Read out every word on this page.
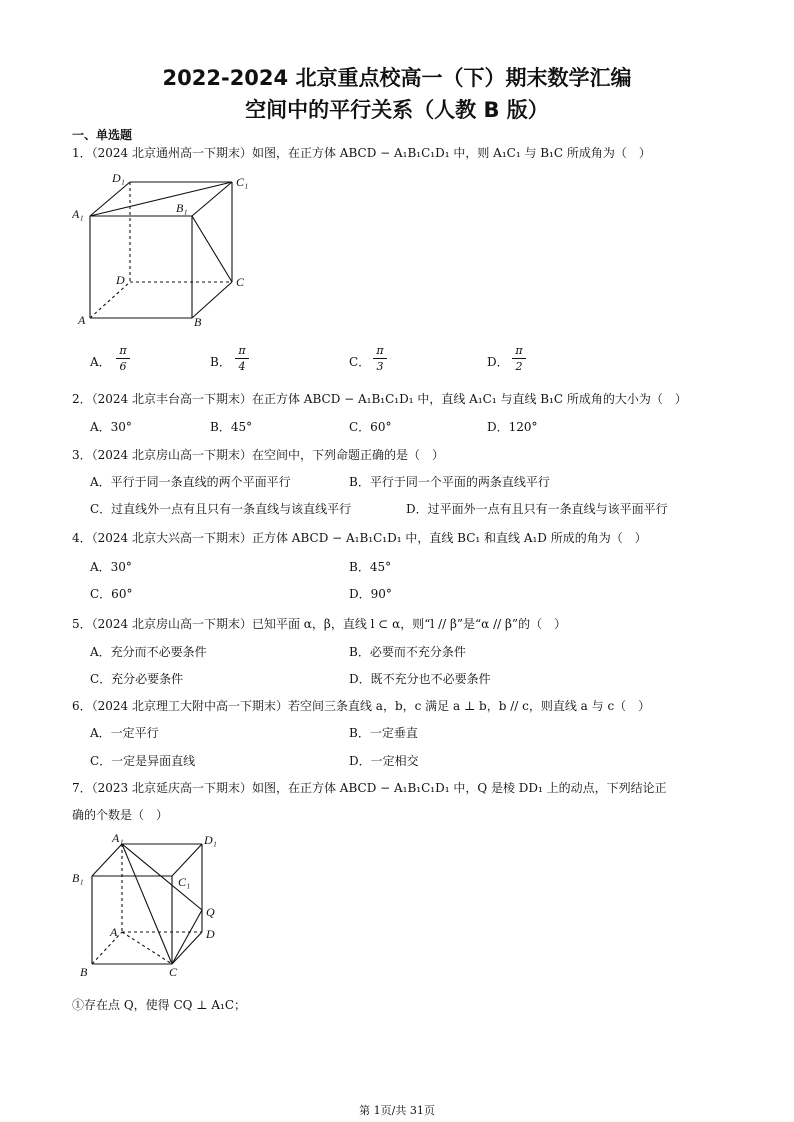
2022-2024 北京重点校高一（下）期末数学汇编
空间中的平行关系（人教 B 版）
一、单选题
1．（2024 北京通州高一下期末）如图，在正方体 ABCD − A₁B₁C₁D₁ 中，则 A₁C₁ 与 B₁C 所成角为（　）
D₁	C₁
A₁	B₁
D	C
A	B
A． $\frac{\pi}{6}$	B． $\frac{\pi}{4}$	C． $\frac{\pi}{3}$	D． $\frac{\pi}{2}$
2．（2024 北京丰台高一下期末）在正方体 ABCD − A₁B₁C₁D₁ 中，直线 A₁C₁ 与直线 B₁C 所成角的大小为（　）
A．30°	B．45°	C．60°	D．120°
3．（2024 北京房山高一下期末）在空间中，下列命题正确的是（　）
A．平行于同一条直线的两个平面平行	B．平行于同一个平面的两条直线平行
C．过直线外一点有且只有一条直线与该直线平行	D．过平面外一点有且只有一条直线与该平面平行
4．（2024 北京大兴高一下期末）正方体 ABCD − A₁B₁C₁D₁ 中，直线 BC₁ 和直线 A₁D 所成的角为（　）
A．30°	B．45°
C．60°	D．90°
5．（2024 北京房山高一下期末）已知平面 α，β，直线 l ⊂ α，则“l // β”是“α // β”的（　）
A．充分而不必要条件	B．必要而不充分条件
C．充分必要条件	D．既不充分也不必要条件
6．（2024 北京理工大附中高一下期末）若空间三条直线 a，b，c 满足 a ⊥ b，b // c，则直线 a 与 c（　）
A．一定平行	B．一定垂直
C．一定是异面直线	D．一定相交
7．（2023 北京延庆高一下期末）如图，在正方体 ABCD − A₁B₁C₁D₁ 中，Q 是棱 DD₁ 上的动点，下列结论正
确的个数是（　）
A₁	D₁
B₁	C₁
Q
A	D
B	C
①存在点 Q，使得 CQ ⊥ A₁C；
第 1页/共 31页
